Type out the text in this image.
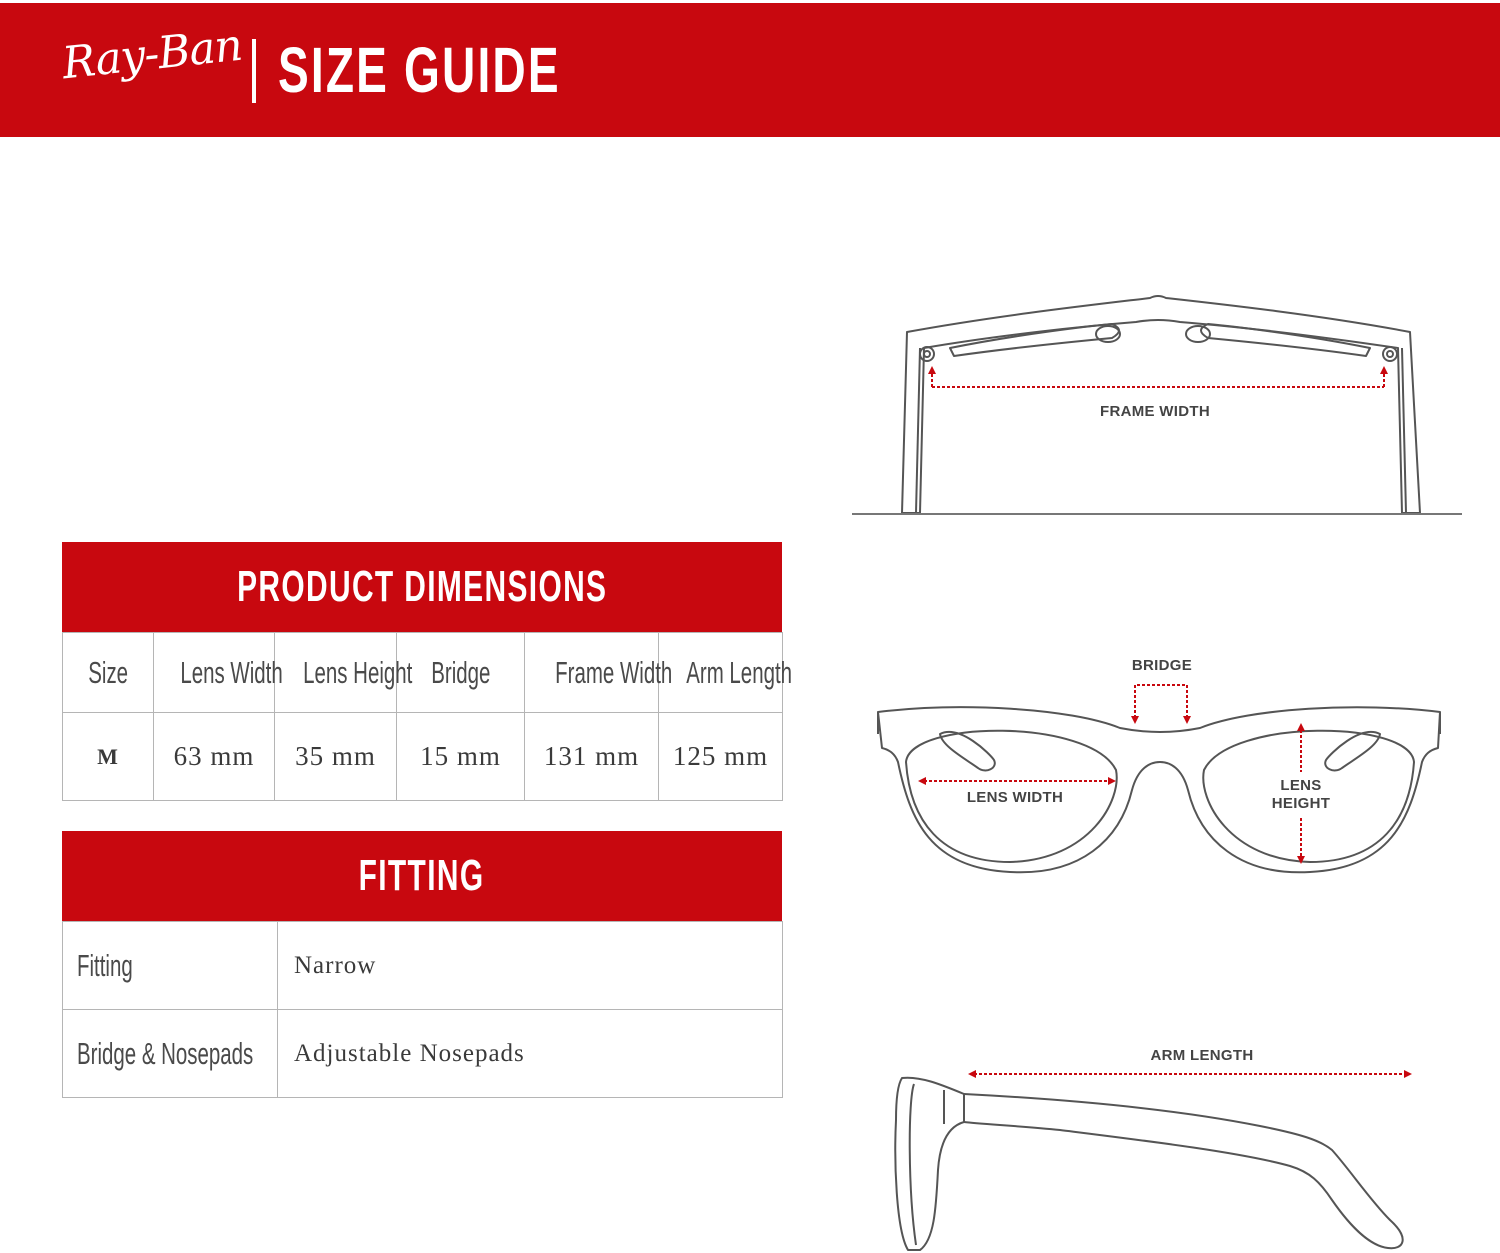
Ray-Ban SIZE GUIDE
PRODUCT DIMENSIONS
Size	Lens Width	Lens Height	Bridge	Frame Width	Arm Length
M	63 mm	35 mm	15 mm	131 mm	125 mm
FITTING
Fitting	Narrow
Bridge & Nosepads	Adjustable Nosepads
FRAME WIDTH
BRIDGE
LENS WIDTH
LENS
HEIGHT
ARM LENGTH
